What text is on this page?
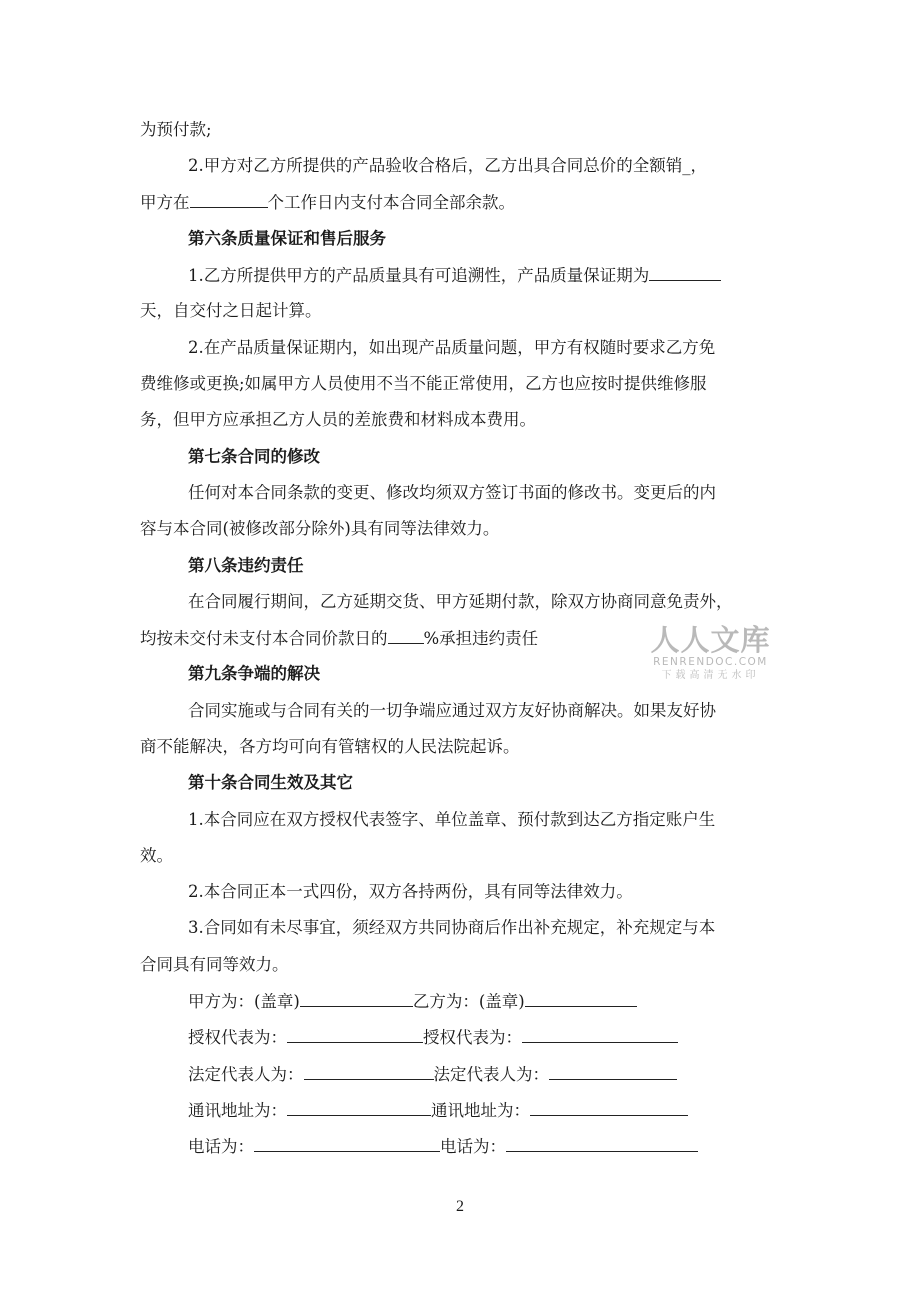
为预付款;
2.甲方对乙方所提供的产品验收合格后，乙方出具合同总价的全额销_，
甲方在	个工作日内支付本合同全部余款。
第六条质量保证和售后服务
1.乙方所提供甲方的产品质量具有可追溯性，产品质量保证期为
天，自交付之日起计算。
2.在产品质量保证期内，如出现产品质量问题，甲方有权随时要求乙方免
费维修或更换;如属甲方人员使用不当不能正常使用，乙方也应按时提供维修服
务，但甲方应承担乙方人员的差旅费和材料成本费用。
第七条合同的修改
任何对本合同条款的变更、修改均须双方签订书面的修改书。变更后的内
容与本合同(被修改部分除外)具有同等法律效力。
第八条违约责任
在合同履行期间，乙方延期交货、甲方延期付款，除双方协商同意免责外，
均按未交付未支付本合同价款日的 %承担违约责任
第九条争端的解决
合同实施或与合同有关的一切争端应通过双方友好协商解决。如果友好协
商不能解决，各方均可向有管辖权的人民法院起诉。
第十条合同生效及其它
1.本合同应在双方授权代表签字、单位盖章、预付款到达乙方指定账户生
效。
2.本合同正本一式四份，双方各持两份，具有同等法律效力。
3.合同如有未尽事宜，须经双方共同协商后作出补充规定，补充规定与本
合同具有同等效力。
甲方为：(盖章)	乙方为：(盖章)
授权代表为：	授权代表为：
法定代表人为：	法定代表人为：
通讯地址为：	通讯地址为：
电话为：	电话为：
人人文库
RENRENDOC.COM
下载高清无水印
2
